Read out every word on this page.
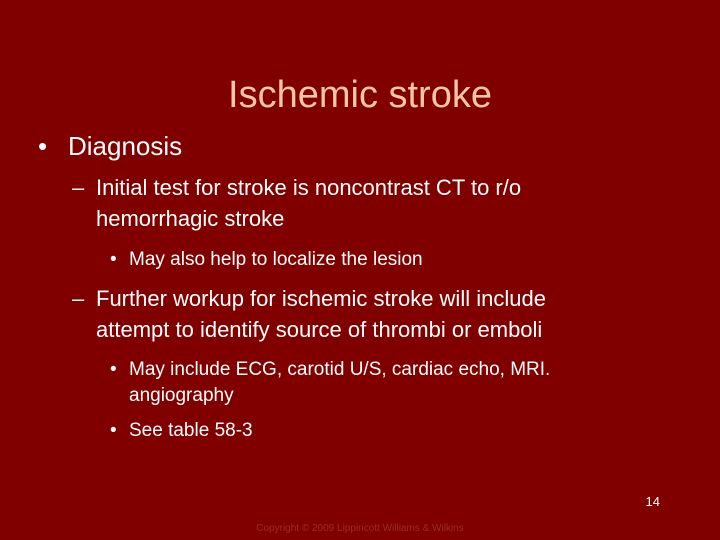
Ischemic stroke
• Diagnosis
– Initial test for stroke is noncontrast CT to r/o
hemorrhagic stroke
• May also help to localize the lesion
– Further workup for ischemic stroke will include
attempt to identify source of thrombi or emboli
• May include ECG, carotid U/S, cardiac echo, MRI.
angiography
• See table 58-3
14
Copyright © 2009 Lippincott Williams & Wilkins
